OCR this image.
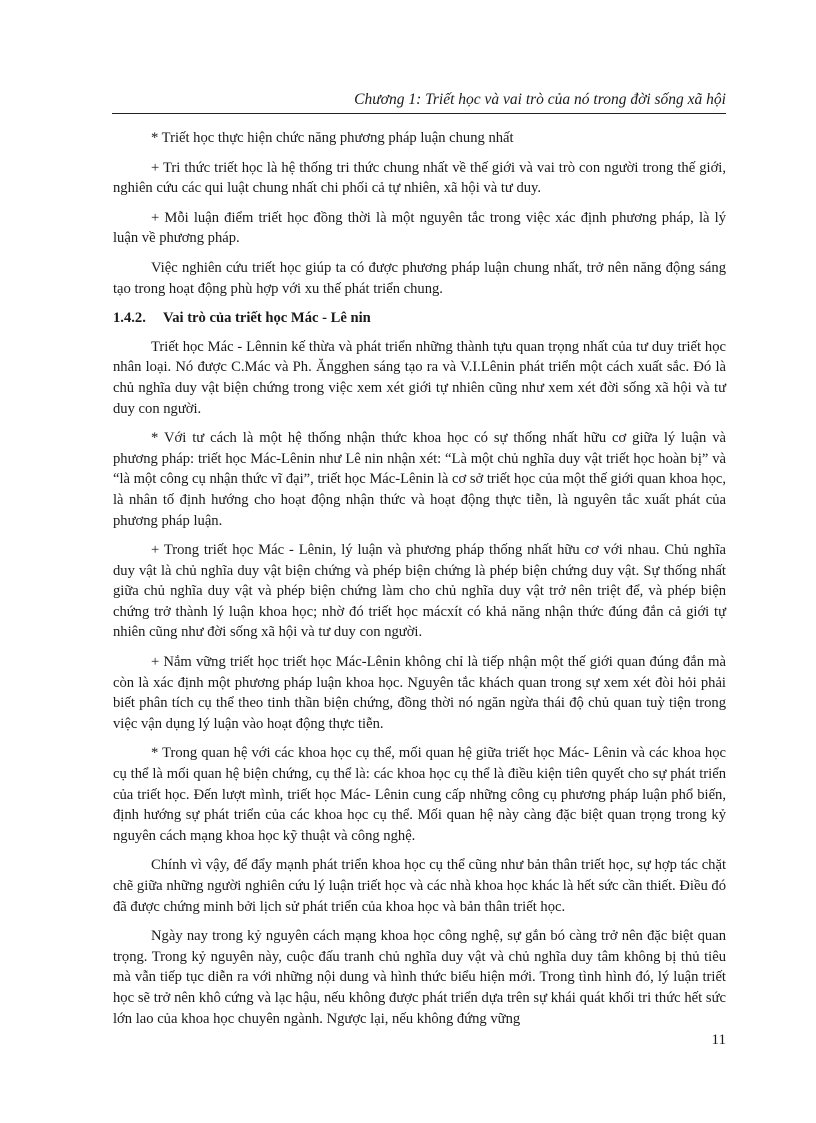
Chương 1: Triết học và vai trò của nó trong đời sống xã hội

* Triết học thực hiện chức năng phương pháp luận chung nhất

+ Tri thức triết học là hệ thống tri thức chung nhất về thế giới và vai trò con người trong thế giới, nghiên cứu các qui luật chung nhất chi phối cả tự nhiên, xã hội và tư duy.

+ Mỗi luận điểm triết học đồng thời là một nguyên tắc trong việc xác định phương pháp, là lý luận về phương pháp.

Việc nghiên cứu triết học giúp ta có được phương pháp luận chung nhất, trở nên năng động sáng tạo trong hoạt động phù hợp với xu thế phát triển chung.

1.4.2. Vai trò của triết học Mác - Lê nin

Triết học Mác - Lênnin kế thừa và phát triển những thành tựu quan trọng nhất của tư duy triết học nhân loại. Nó được C.Mác và Ph. Ăngghen sáng tạo ra và V.I.Lênin phát triển một cách xuất sắc. Đó là chủ nghĩa duy vật biện chứng trong việc xem xét giới tự nhiên cũng như xem xét đời sống xã hội và tư duy con người.

* Với tư cách là một hệ thống nhận thức khoa học có sự thống nhất hữu cơ giữa lý luận và phương pháp: triết học Mác-Lênin như Lê nin nhận xét: “Là một chủ nghĩa duy vật triết học hoàn bị” và “là một công cụ nhận thức vĩ đại”, triết học Mác-Lênin là cơ sở triết học của một thế giới quan khoa học, là nhân tố định hướng cho hoạt động nhận thức và hoạt động thực tiễn, là nguyên tắc xuất phát của phương pháp luận.

+ Trong triết học Mác - Lênin, lý luận và phương pháp thống nhất hữu cơ với nhau. Chủ nghĩa duy vật là chủ nghĩa duy vật biện chứng và phép biện chứng là phép biện chứng duy vật. Sự thống nhất giữa chủ nghĩa duy vật và phép biện chứng làm cho chủ nghĩa duy vật trở nên triệt để, và phép biện chứng trở thành lý luận khoa học; nhờ đó triết học mácxít có khả năng nhận thức đúng đắn cả giới tự nhiên cũng như đời sống xã hội và tư duy con người.

+ Nắm vững triết học triết học Mác-Lênin không chỉ là tiếp nhận một thế giới quan đúng đắn mà còn là xác định một phương pháp luận khoa học. Nguyên tắc khách quan trong sự xem xét đòi hỏi phải biết phân tích cụ thể theo tinh thần biện chứng, đồng thời nó ngăn ngừa thái độ chủ quan tuỳ tiện trong việc vận dụng lý luận vào hoạt động thực tiễn.

* Trong quan hệ với các khoa học cụ thể, mối quan hệ giữa triết học Mác- Lênin và các khoa học cụ thể là mối quan hệ biện chứng, cụ thể là: các khoa học cụ thể là điều kiện tiên quyết cho sự phát triển của triết học. Đến lượt mình, triết học Mác- Lênin cung cấp những công cụ phương pháp luận phổ biến, định hướng sự phát triển của các khoa học cụ thể. Mối quan hệ này càng đặc biệt quan trọng trong kỷ nguyên cách mạng khoa học kỹ thuật và công nghệ.

Chính vì vậy, để đẩy mạnh phát triển khoa học cụ thể cũng như bản thân triết học, sự hợp tác chặt chẽ giữa những người nghiên cứu lý luận triết học và các nhà khoa học khác là hết sức cần thiết. Điều đó đã được chứng minh bởi lịch sử phát triển của khoa học và bản thân triết học.

Ngày nay trong kỷ nguyên cách mạng khoa học công nghệ, sự gắn bó càng trở nên đặc biệt quan trọng. Trong kỷ nguyên này, cuộc đấu tranh chủ nghĩa duy vật và chủ nghĩa duy tâm không bị thủ tiêu mà vẫn tiếp tục diễn ra với những nội dung và hình thức biểu hiện mới. Trong tình hình đó, lý luận triết học sẽ trở nên khô cứng và lạc hậu, nếu không được phát triển dựa trên sự khái quát khối tri thức hết sức lớn lao của khoa học chuyên ngành. Ngược lại, nếu không đứng vững

11
